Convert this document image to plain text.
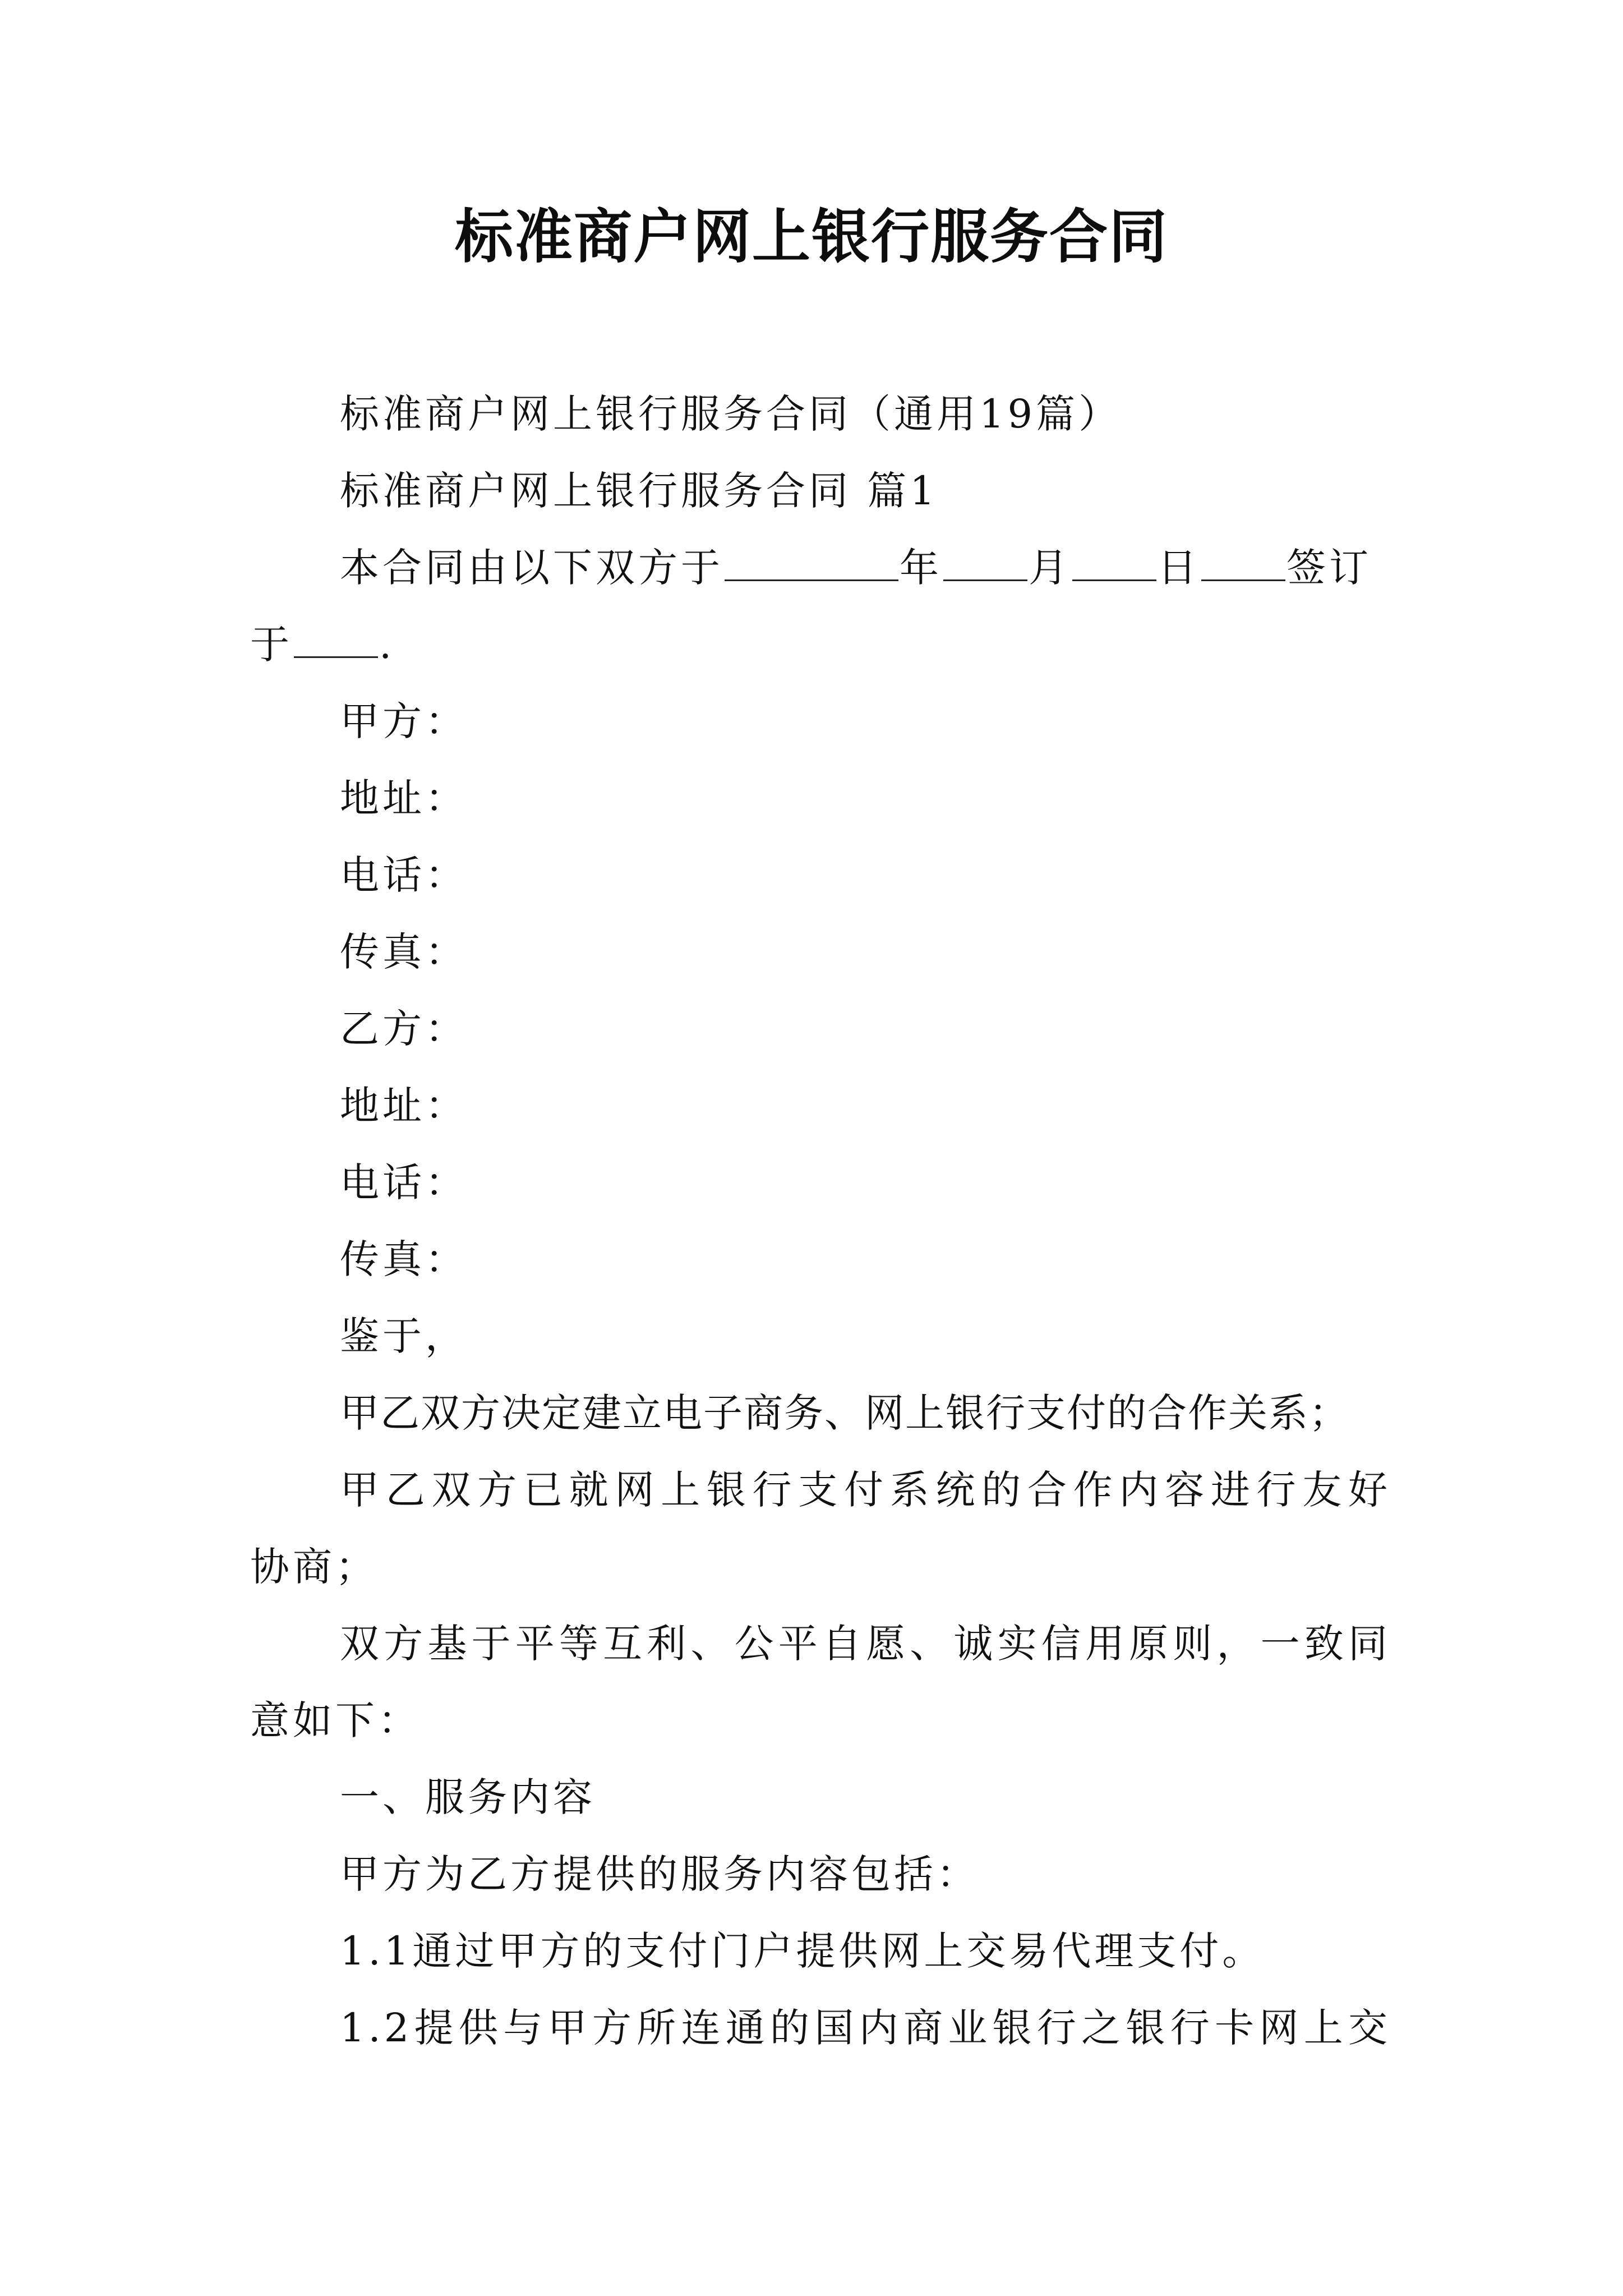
标准商户网上银行服务合同
标准商户网上银行服务合同（通用19篇）
标准商户网上银行服务合同 篇1
本合同由以下双方于	年 月 日 签订
于 .
甲方：
地址：
电话：
传真：
乙方：
地址：
电话：
传真：
鉴于，
甲乙双方决定建立电子商务、网上银行支付的合作关系；
甲乙双方已就网上银行支付系统的合作内容进行友好
协商；
双方基于平等互利、公平自愿、诚实信用原则，一致同
意如下：
一、服务内容
甲方为乙方提供的服务内容包括：
1.1通过甲方的支付门户提供网上交易代理支付。
1.2提供与甲方所连通的国内商业银行之银行卡网上交
